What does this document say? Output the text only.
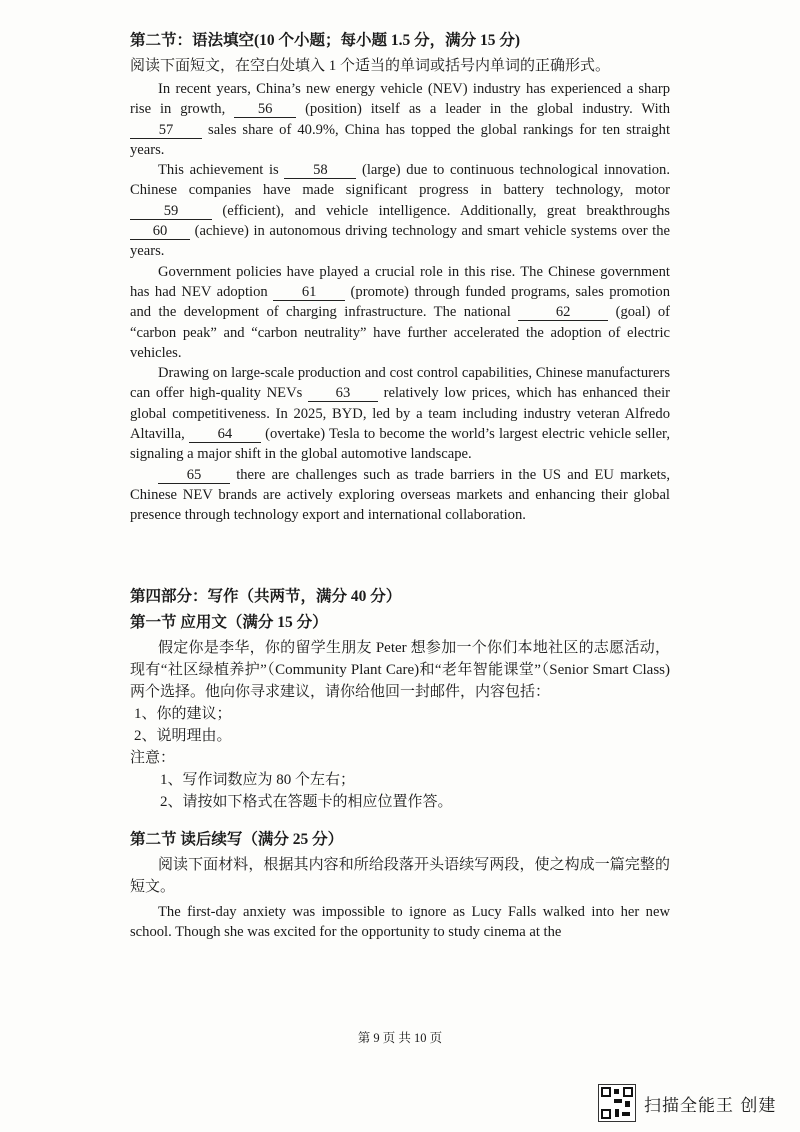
第二节：语法填空(10 个小题；每小题 1.5 分，满分 15 分)

阅读下面短文，在空白处填入 1 个适当的单词或括号内单词的正确形式。

In recent years, China’s new energy vehicle (NEV) industry has experienced a sharp rise in growth, 56 (position) itself as a leader in the global industry. With 57 sales share of 40.9%, China has topped the global rankings for ten straight years.

This achievement is 58 (large) due to continuous technological innovation. Chinese companies have made significant progress in battery technology, motor 59 (efficient), and vehicle intelligence. Additionally, great breakthroughs 60 (achieve) in autonomous driving technology and smart vehicle systems over the years.

Government policies have played a crucial role in this rise. The Chinese government has had NEV adoption 61 (promote) through funded programs, sales promotion and the development of charging infrastructure. The national	62	(goal) of “carbon peak” and “carbon neutrality” have further accelerated the adoption of electric vehicles.

Drawing on large-scale production and cost control capabilities, Chinese manufacturers can offer high-quality NEVs 63 relatively low prices, which has enhanced their global competitiveness. In 2025, BYD, led by a team including industry veteran Alfredo Altavilla, 64 (overtake) Tesla to become the world’s largest electric vehicle seller, signaling a major shift in the global automotive landscape.

65 there are challenges such as trade barriers in the US and EU markets, Chinese NEV brands are actively exploring overseas markets and enhancing their global presence through technology export and international collaboration.

第四部分：写作（共两节，满分 40 分）

第一节 应用文（满分 15 分）

假定你是李华，你的留学生朋友 Peter 想参加一个你们本地社区的志愿活动，现有“社区绿植养护”（Community Plant Care)和“老年智能课堂”（Senior Smart Class)两个选择。他向你寻求建议，请你给他回一封邮件，内容包括：

1、你的建议；

2、说明理由。

注意：

1、写作词数应为 80 个左右；

2、请按如下格式在答题卡的相应位置作答。

第二节 读后续写（满分 25 分）

阅读下面材料，根据其内容和所给段落开头语续写两段，使之构成一篇完整的短文。

The first-day anxiety was impossible to ignore as Lucy Falls walked into her new school. Though she was excited for the opportunity to study cinema at the

第 9 页 共 10 页
扫描全能王 创建
